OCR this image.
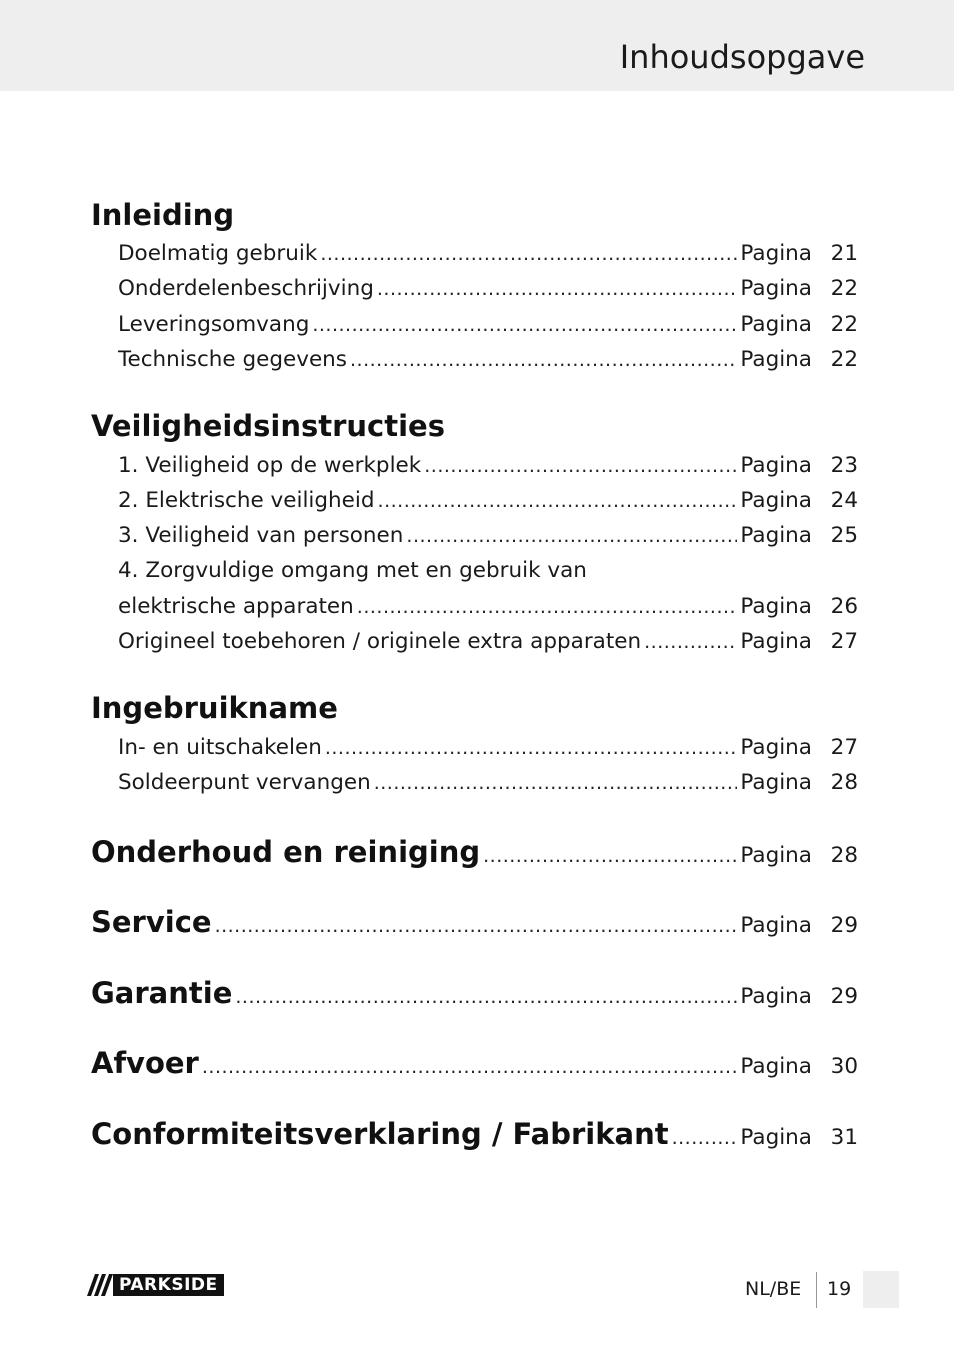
Inhoudsopgave
Inleiding
Doelmatig gebruik .....	Pagina 21
Onderdelenbeschrijving .....	Pagina 22
Leveringsomvang .....	Pagina 22
Technische gegevens .....	Pagina 22
Veiligheidsinstructies
1. Veiligheid op de werkplek .....	Pagina 23
2. Elektrische veiligheid .....	Pagina 24
3. Veiligheid van personen .....	Pagina 25
4. Zorgvuldige omgang met en gebruik van
elektrische apparaten .....	Pagina 26
Origineel toebehoren / originele extra apparaten .....	Pagina 27
Ingebruikname
In- en uitschakelen .....	Pagina 27
Soldeerpunt vervangen .....	Pagina 28
Onderhoud en reiniging .....	Pagina 28
Service .....	Pagina 29
Garantie .....	Pagina 29
Afvoer .....	Pagina 30
Conformiteitsverklaring / Fabrikant .....	Pagina 31
PARKSIDE	NL/BE 19
